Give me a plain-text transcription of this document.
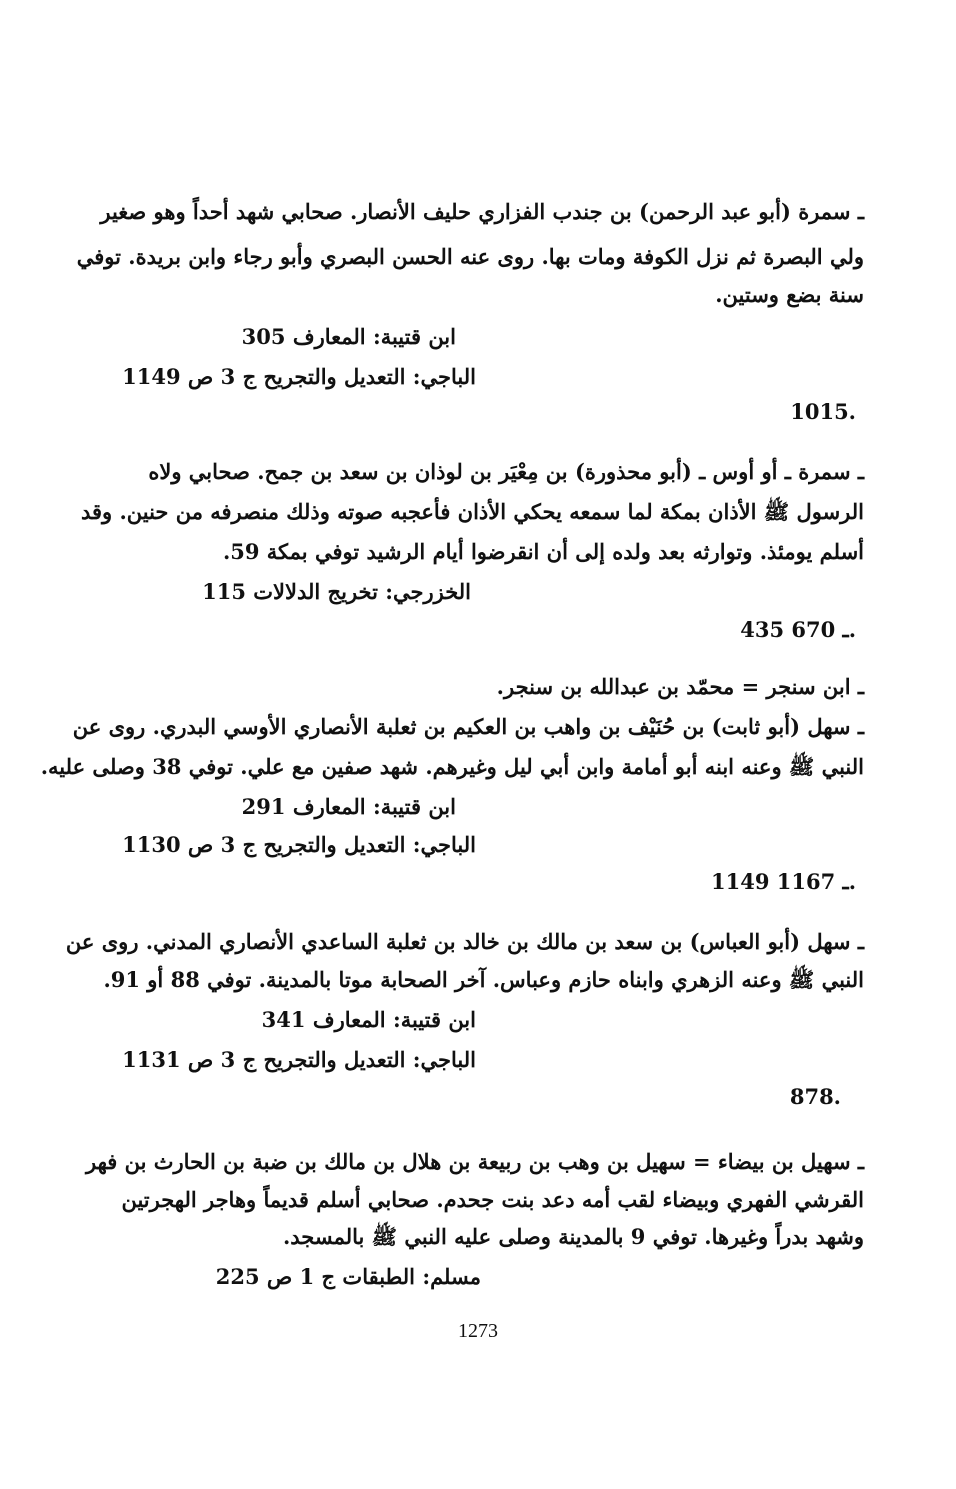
ـ سمرة (أبو عبد الرحمن) بن جندب الفزاري حليف الأنصار. صحابي شهد أحداً وهو صغير
ولي البصرة ثم نزل الكوفة ومات بها. روى عنه الحسن البصري وأبو رجاء وابن بريدة. توفي
سنة بضع وستين.
ابن قتيبة: المعارف 305
الباجي: التعديل والتجريح ج 3 ص 1149
1015.
ـ سمرة ـ أو أوس ـ (أبو محذورة) بن مِعْيَر بن لوذان بن سعد بن جمح. صحابي ولاه
الرسول ﷺ الأذان بمكة لما سمعه يحكي الأذان فأعجبه صوته وذلك منصرفه من حنين. وقد
أسلم يومئذ. وتوارثه بعد ولده إلى أن انقرضوا أيام الرشيد توفي بمكة 59.
الخزرجي: تخريج الدلالات 115
435 ـ 670.
ـ ابن سنجر = محمّد بن عبدالله بن سنجر.
ـ سهل (أبو ثابت) بن حُنَيْف بن واهب بن العكيم بن ثعلبة الأنصاري الأوسي البدري. روى عن
النبي ﷺ وعنه ابنه أبو أمامة وابن أبي ليل وغيرهم. شهد صفين مع علي. توفي 38 وصلى عليه.
ابن قتيبة: المعارف 291
الباجي: التعديل والتجريح ج 3 ص 1130
1149 ـ 1167.
ـ سهل (أبو العباس) بن سعد بن مالك بن خالد بن ثعلبة الساعدي الأنصاري المدني. روى عن
النبي ﷺ وعنه الزهري وابناه حازم وعباس. آخر الصحابة موتا بالمدينة. توفي 88 أو 91.
ابن قتيبة: المعارف 341
الباجي: التعديل والتجريح ج 3 ص 1131
878.
ـ سهيل بن بيضاء = سهيل بن وهب بن ربيعة بن هلال بن مالك بن ضبة بن الحارث بن فهر
القرشي الفهري وبيضاء لقب أمه دعد بنت جحدم. صحابي أسلم قديماً وهاجر الهجرتين
وشهد بدراً وغيرها. توفي 9 بالمدينة وصلى عليه النبي ﷺ بالمسجد.
مسلم: الطبقات ج 1 ص 225
1273
